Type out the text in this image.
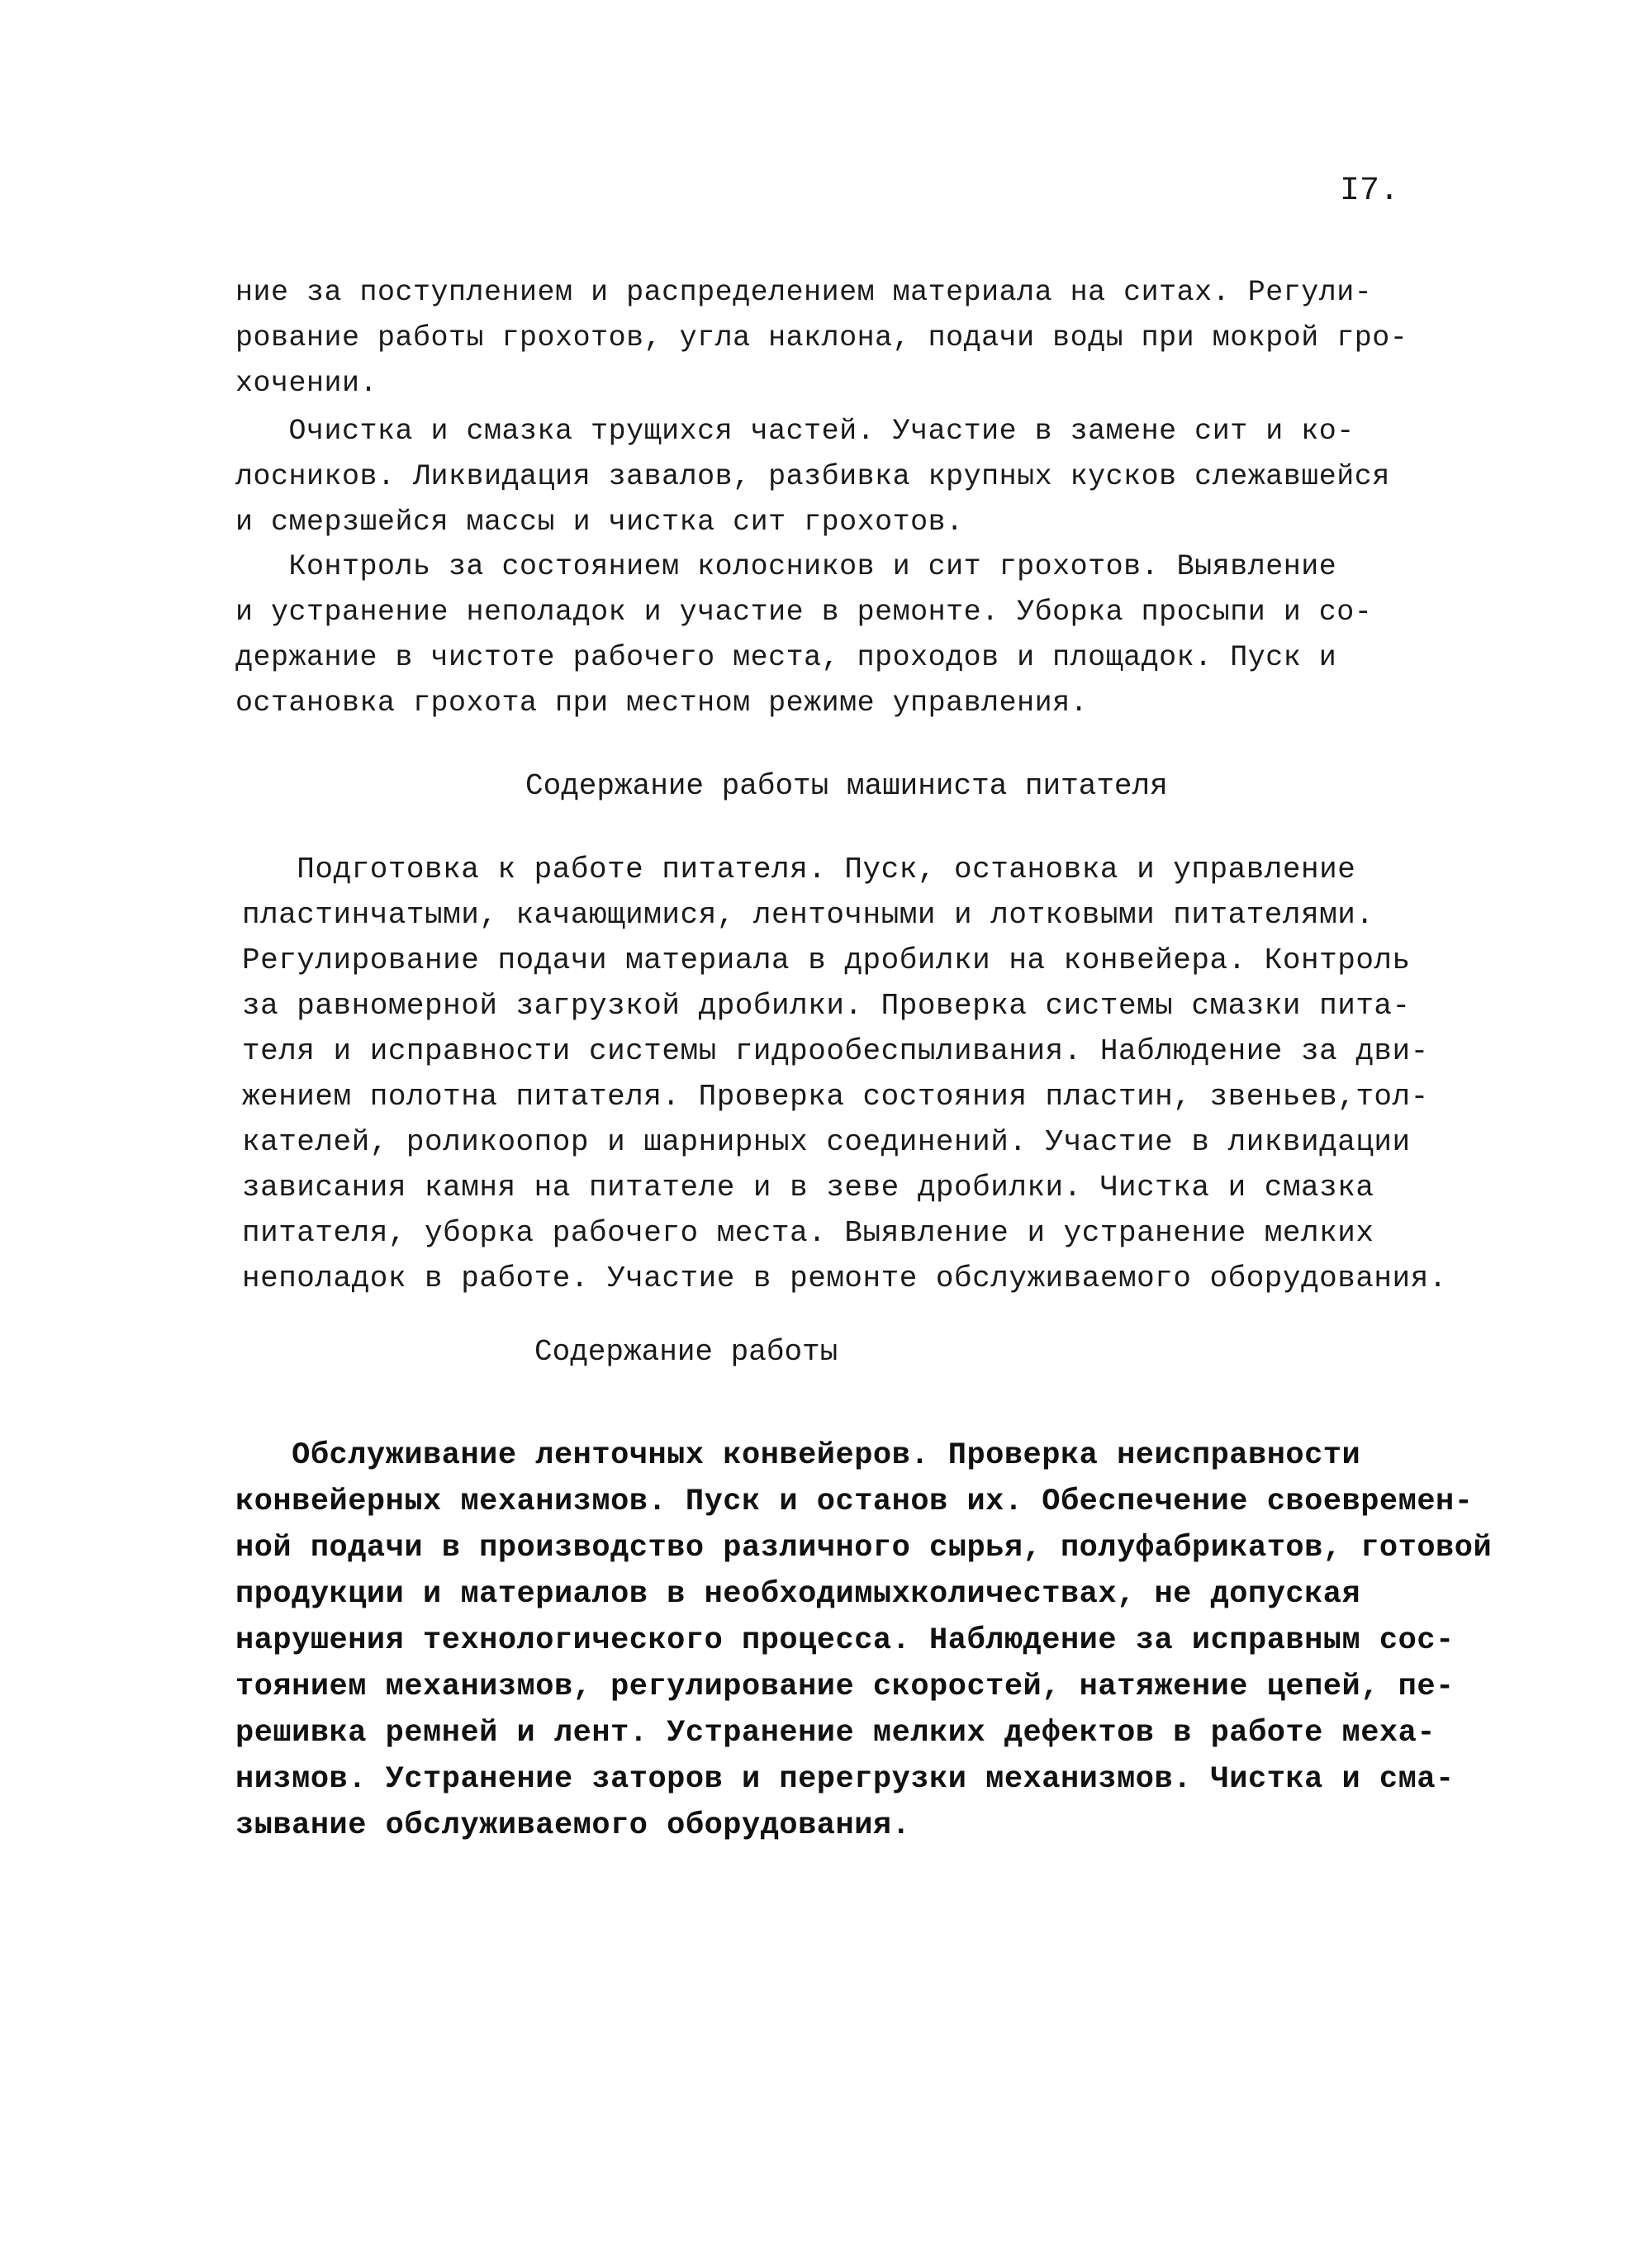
I7.
ние за поступлением и распределением материала на ситах. Регули-
рование работы грохотов, угла наклона, подачи воды при мокрой гро-
хочении.
Очистка и смазка трущихся частей. Участие в замене сит и ко-
лосников. Ликвидация завалов, разбивка крупных кусков слежавшейся
и смерзшейся массы и чистка сит грохотов.
Контроль за состоянием колосников и сит грохотов. Выявление
и устранение неполадок и участие в ремонте. Уборка просыпи и со-
держание в чистоте рабочего места, проходов и площадок. Пуск и
остановка грохота при местном режиме управления.
Содержание работы машиниста питателя
Подготовка к работе питателя. Пуск, остановка и управление
пластинчатыми, качающимися, ленточными и лотковыми питателями.
Регулирование подачи материала в дробилки на конвейера. Контроль
за равномерной загрузкой дробилки. Проверка системы смазки пита-
теля и исправности системы гидрообеспыливания. Наблюдение за дви-
жением полотна питателя. Проверка состояния пластин, звеньев,тол-
кателей, роликоопор и шарнирных соединений. Участие в ликвидации
зависания камня на питателе и в зеве дробилки. Чистка и смазка
питателя, уборка рабочего места. Выявление и устранение мелких
неполадок в работе. Участие в ремонте обслуживаемого оборудования.
Содержание работы
Обслуживание ленточных конвейеров. Проверка неисправности
конвейерных механизмов. Пуск и останов их. Обеспечение своевремен-
ной подачи в производство различного сырья, полуфабрикатов, готовой
продукции и материалов в необходимыхколичествах, не допуская
нарушения технологического процесса. Наблюдение за исправным сос-
тоянием механизмов, регулирование скоростей, натяжение цепей, пе-
решивка ремней и лент. Устранение мелких дефектов в работе меха-
низмов. Устранение заторов и перегрузки механизмов. Чистка и сма-
зывание обслуживаемого оборудования.
